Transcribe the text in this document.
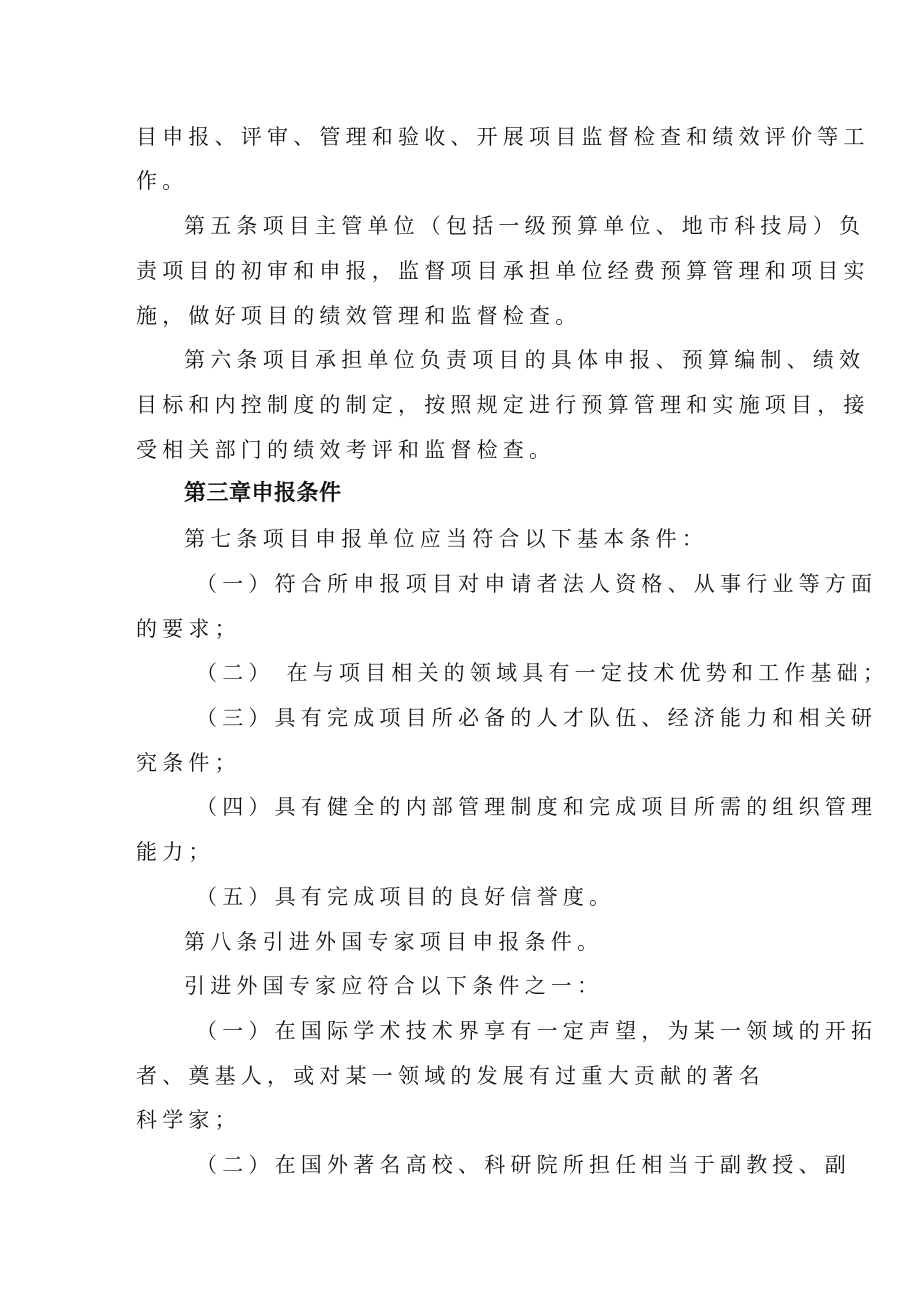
目申报、评审、管理和验收、开展项目监督检查和绩效评价等工
作。
第五条项目主管单位（包括一级预算单位、地市科技局）负
责项目的初审和申报，监督项目承担单位经费预算管理和项目实
施，做好项目的绩效管理和监督检查。
第六条项目承担单位负责项目的具体申报、预算编制、绩效
目标和内控制度的制定，按照规定进行预算管理和实施项目，接
受相关部门的绩效考评和监督检查。
第三章申报条件
第七条项目申报单位应当符合以下基本条件：
（一）符合所申报项目对申请者法人资格、从事行业等方面
的要求；
（二） 在与项目相关的领域具有一定技术优势和工作基础；
（三）具有完成项目所必备的人才队伍、经济能力和相关研
究条件；
（四）具有健全的内部管理制度和完成项目所需的组织管理
能力；
（五）具有完成项目的良好信誉度。
第八条引进外国专家项目申报条件。
引进外国专家应符合以下条件之一：
（一）在国际学术技术界享有一定声望，为某一领域的开拓
者、奠基人，或对某一领域的发展有过重大贡献的著名
科学家；
（二）在国外著名高校、科研院所担任相当于副教授、副
